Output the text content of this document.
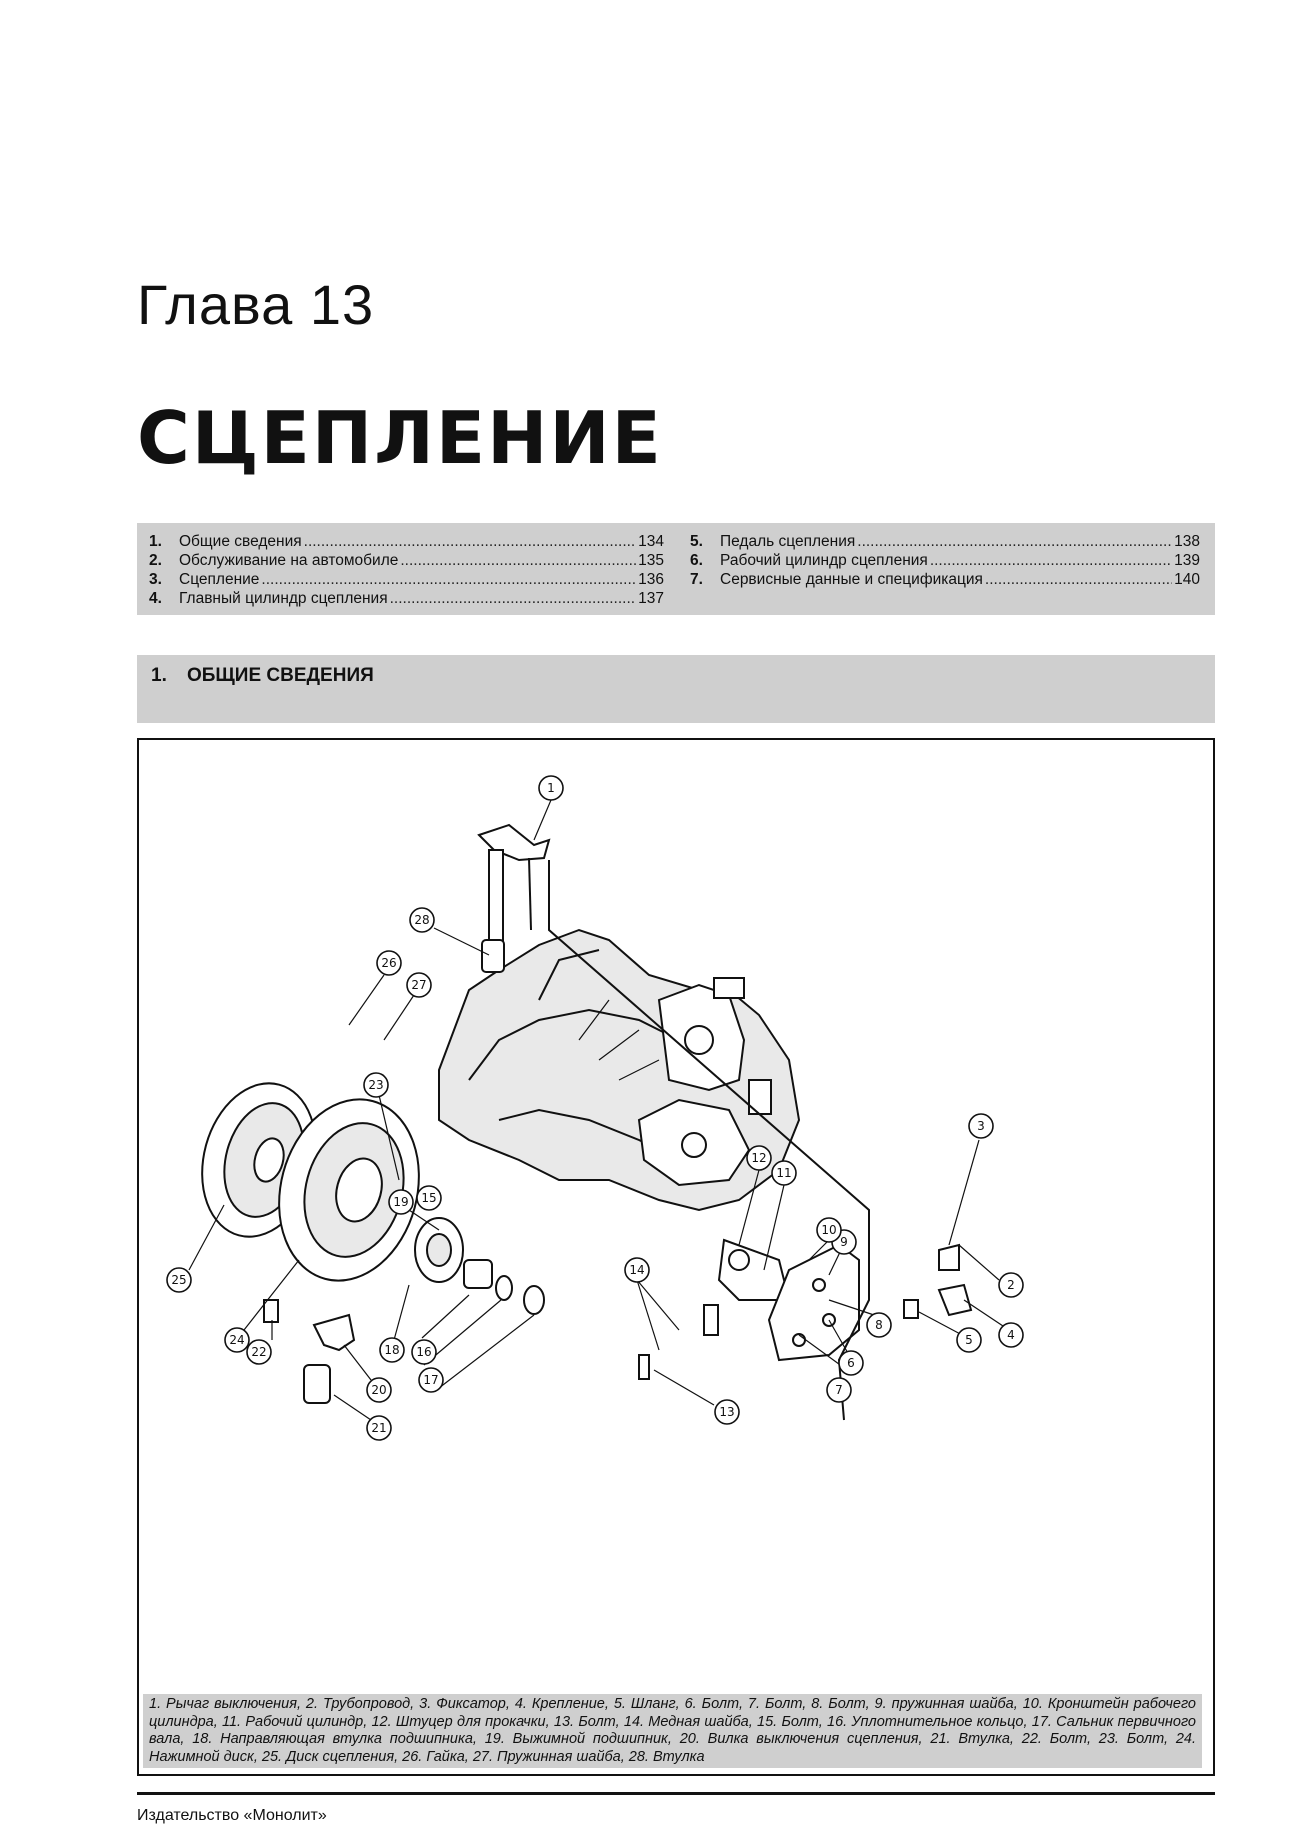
Глава 13
СЦЕПЛЕНИЕ
1.	Общие сведения .....	134
2.	Обслуживание на автомобиле .....	135
3.	Сцепление .....	136
4.	Главный цилиндр сцепления .....	137
5.	Педаль сцепления .....	138
6.	Рабочий цилиндр сцепления .....	139
7.	Сервисные данные и спецификация .....	140
1. ОБЩИЕ СВЕДЕНИЯ
1
2
3
4
5
6
7
8
9
10
11
12
13
14
15
16
17
18
19
20
21
22
23
24
25
26
27
28
1. Рычаг выключения, 2. Трубопровод, 3. Фиксатор, 4. Крепление, 5. Шланг, 6. Болт, 7. Болт, 8. Болт, 9. пружинная шайба, 10. Кронштейн рабочего цилиндра, 11. Рабочий цилиндр, 12. Штуцер для прокачки, 13. Болт, 14. Медная шайба, 15. Болт, 16. Уплотнительное кольцо, 17. Сальник первичного вала, 18. Направляющая втулка подшипника, 19. Выжимной подшипник, 20. Вилка выключения сцепления, 21. Втулка, 22. Болт, 23. Болт, 24. Нажимной диск, 25. Диск сцепления, 26. Гайка, 27. Пружинная шайба, 28. Втулка
Издательство «Монолит»
